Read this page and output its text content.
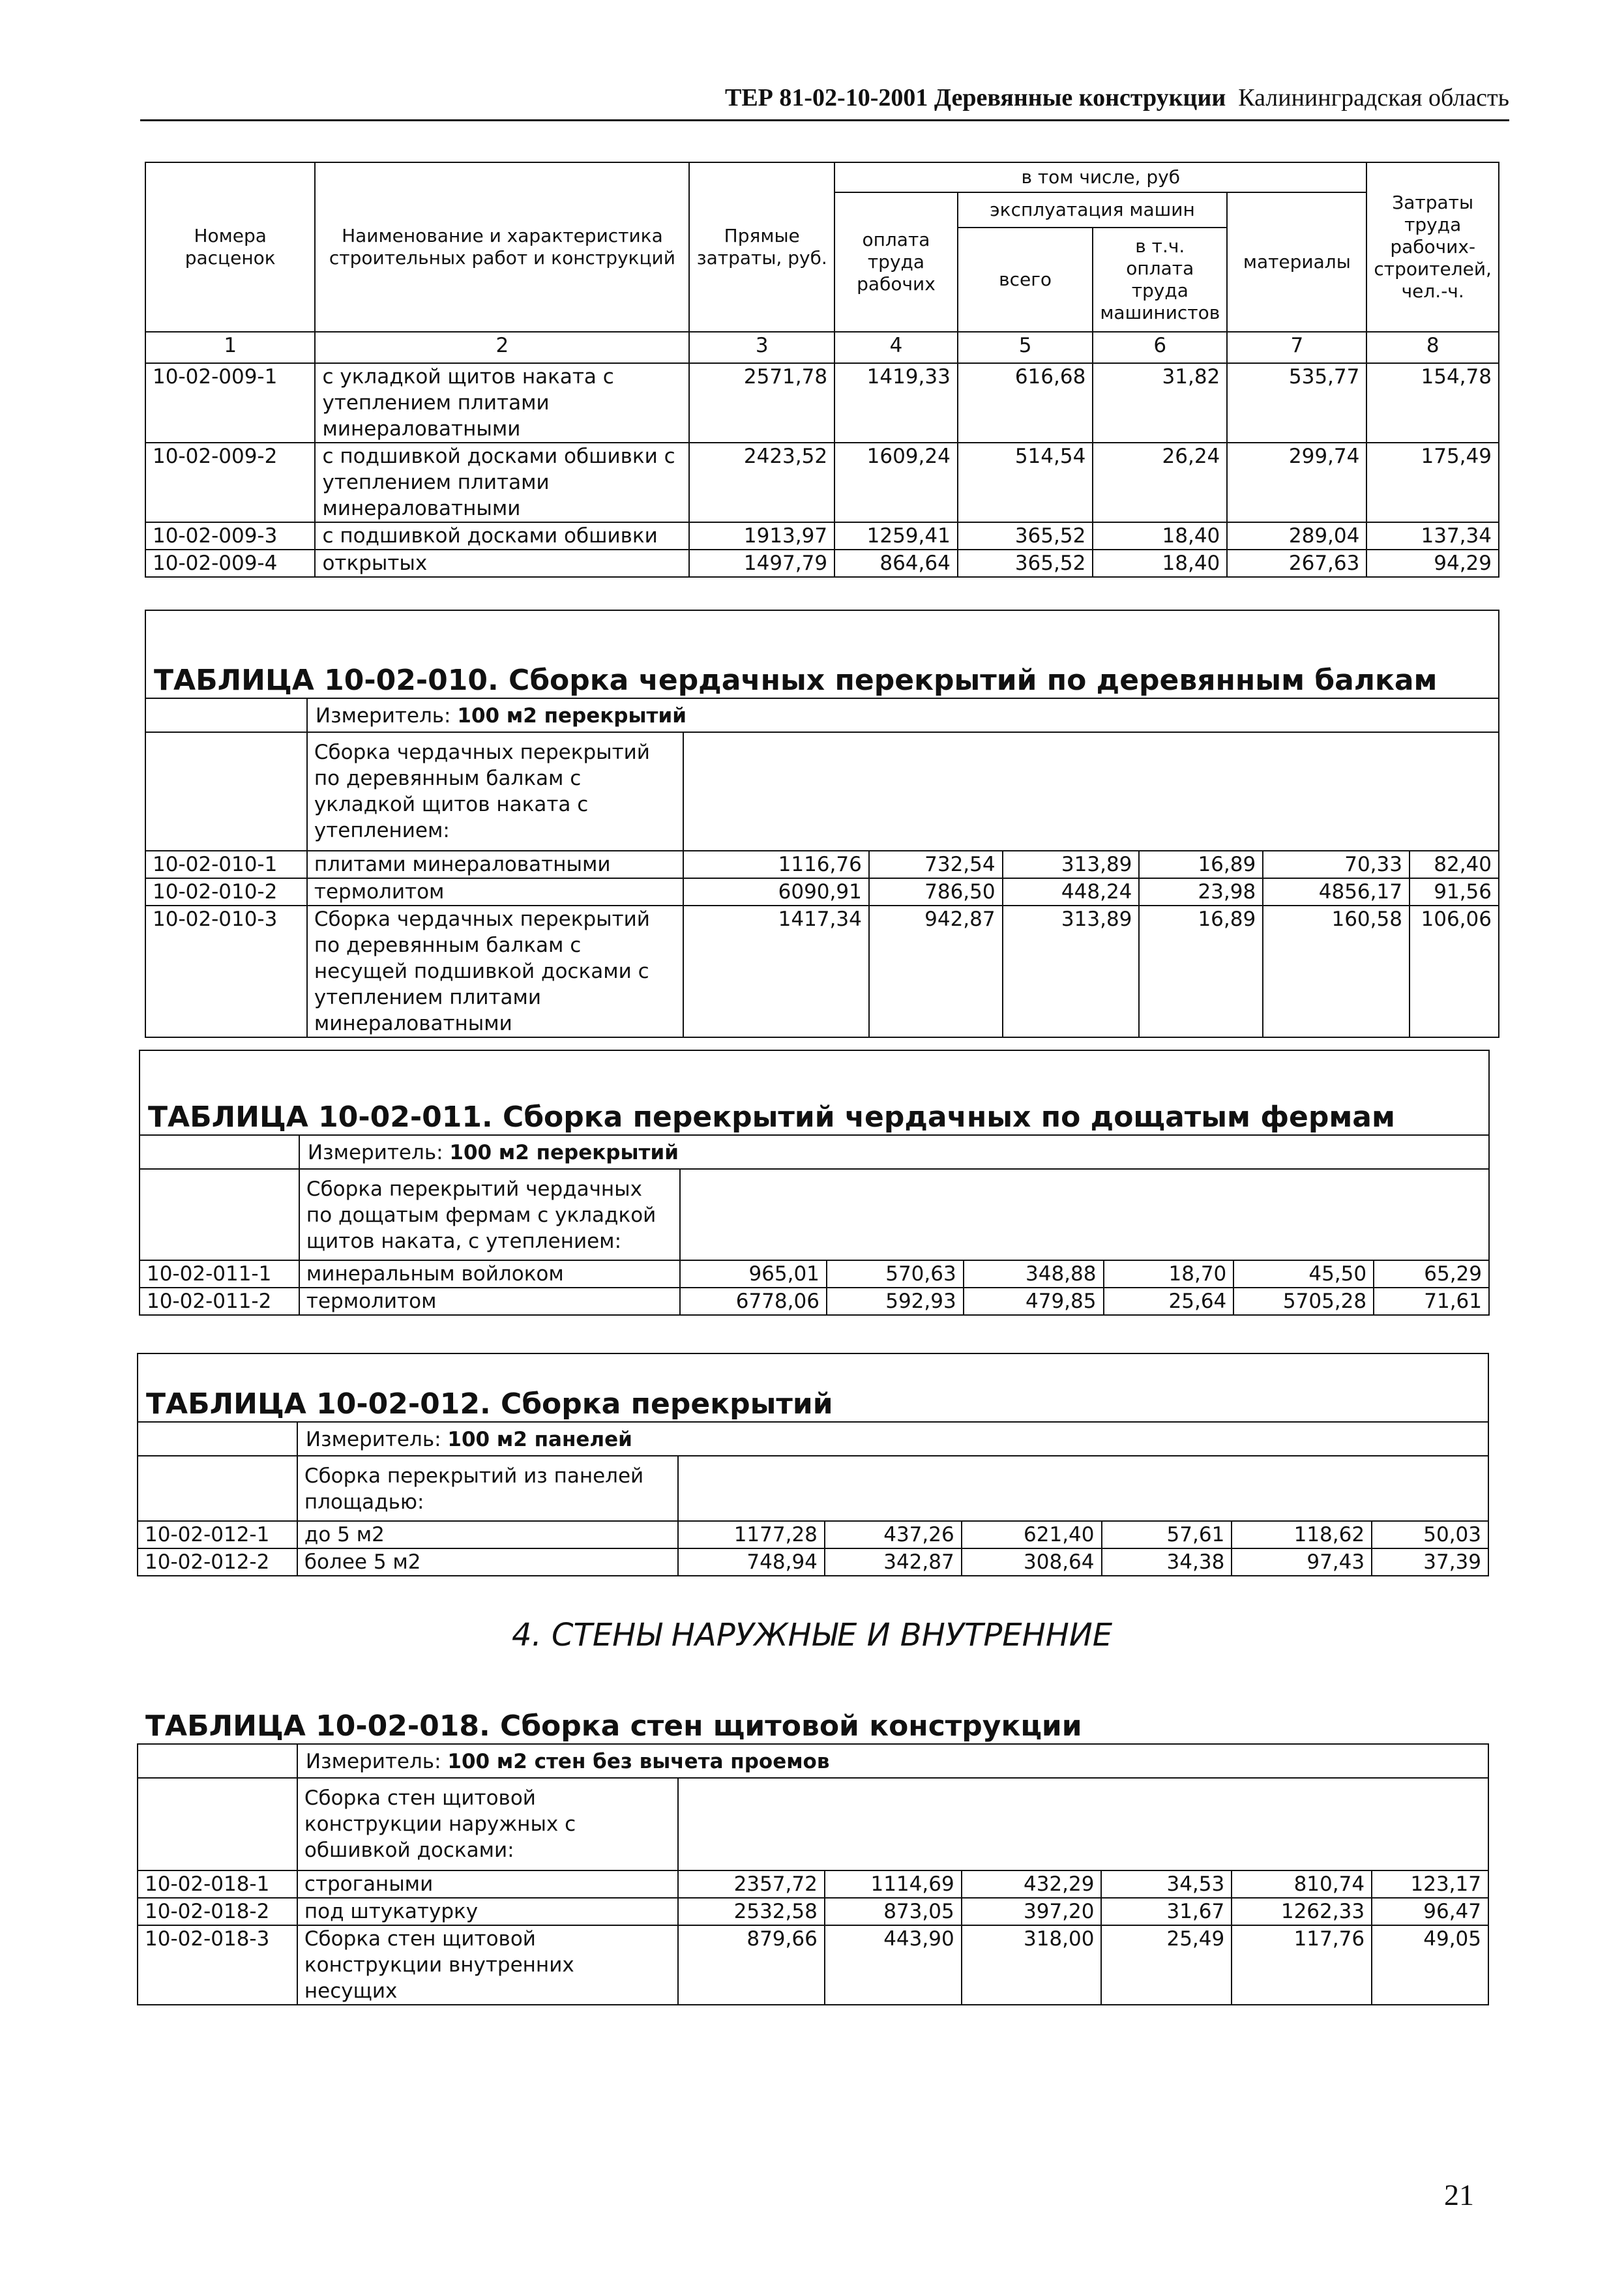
ТЕР 81-02-10-2001 Деревянные конструкции Калининградская область
Номера расценок	Наименование и характеристика строительных работ и конструкций	Прямые затраты, руб.	в том числе, руб				Затраты труда рабочих-строителей, чел.-ч.
			оплата труда рабочих	эксплуатация машин		материалы	
				всего	в т.ч. оплата труда машинистов		
1	2	3	4	5	6	7	8
10-02-009-1	с укладкой щитов наката с утеплением плитами минераловатными	2571,78	1419,33	616,68	31,82	535,77	154,78
10-02-009-2	с подшивкой досками обшивки с утеплением плитами минераловатными	2423,52	1609,24	514,54	26,24	299,74	175,49
10-02-009-3	с подшивкой досками обшивки	1913,97	1259,41	365,52	18,40	289,04	137,34
10-02-009-4	открытых	1497,79	864,64	365,52	18,40	267,63	94,29
ТАБЛИЦА 10-02-010. Сборка чердачных перекрытий по деревянным балкам							
	Измеритель: 100 м2 перекрытий						
	Сборка чердачных перекрытий по деревянным балкам с укладкой щитов наката с утеплением:						
10-02-010-1	плитами минераловатными	1116,76	732,54	313,89	16,89	70,33	82,40
10-02-010-2	термолитом	6090,91	786,50	448,24	23,98	4856,17	91,56
10-02-010-3	Сборка чердачных перекрытий по деревянным балкам с несущей подшивкой досками с утеплением плитами минераловатными	1417,34	942,87	313,89	16,89	160,58	106,06
ТАБЛИЦА 10-02-011. Сборка перекрытий чердачных по дощатым фермам							
	Измеритель: 100 м2 перекрытий						
	Сборка перекрытий чердачных по дощатым фермам с укладкой щитов наката, с утеплением:						
10-02-011-1	минеральным войлоком	965,01	570,63	348,88	18,70	45,50	65,29
10-02-011-2	термолитом	6778,06	592,93	479,85	25,64	5705,28	71,61
ТАБЛИЦА 10-02-012. Сборка перекрытий							
	Измеритель: 100 м2 панелей						
	Сборка перекрытий из панелей площадью:						
10-02-012-1	до 5 м2	1177,28	437,26	621,40	57,61	118,62	50,03
10-02-012-2	более 5 м2	748,94	342,87	308,64	34,38	97,43	37,39
4. СТЕНЫ НАРУЖНЫЕ И ВНУТРЕННИЕ
ТАБЛИЦА 10-02-018. Сборка стен щитовой конструкции							
	Измеритель: 100 м2 стен без вычета проемов						
	Сборка стен щитовой конструкции наружных с обшивкой досками:						
10-02-018-1	строгаными	2357,72	1114,69	432,29	34,53	810,74	123,17
10-02-018-2	под штукатурку	2532,58	873,05	397,20	31,67	1262,33	96,47
10-02-018-3	Сборка стен щитовой конструкции внутренних несущих	879,66	443,90	318,00	25,49	117,76	49,05
21
